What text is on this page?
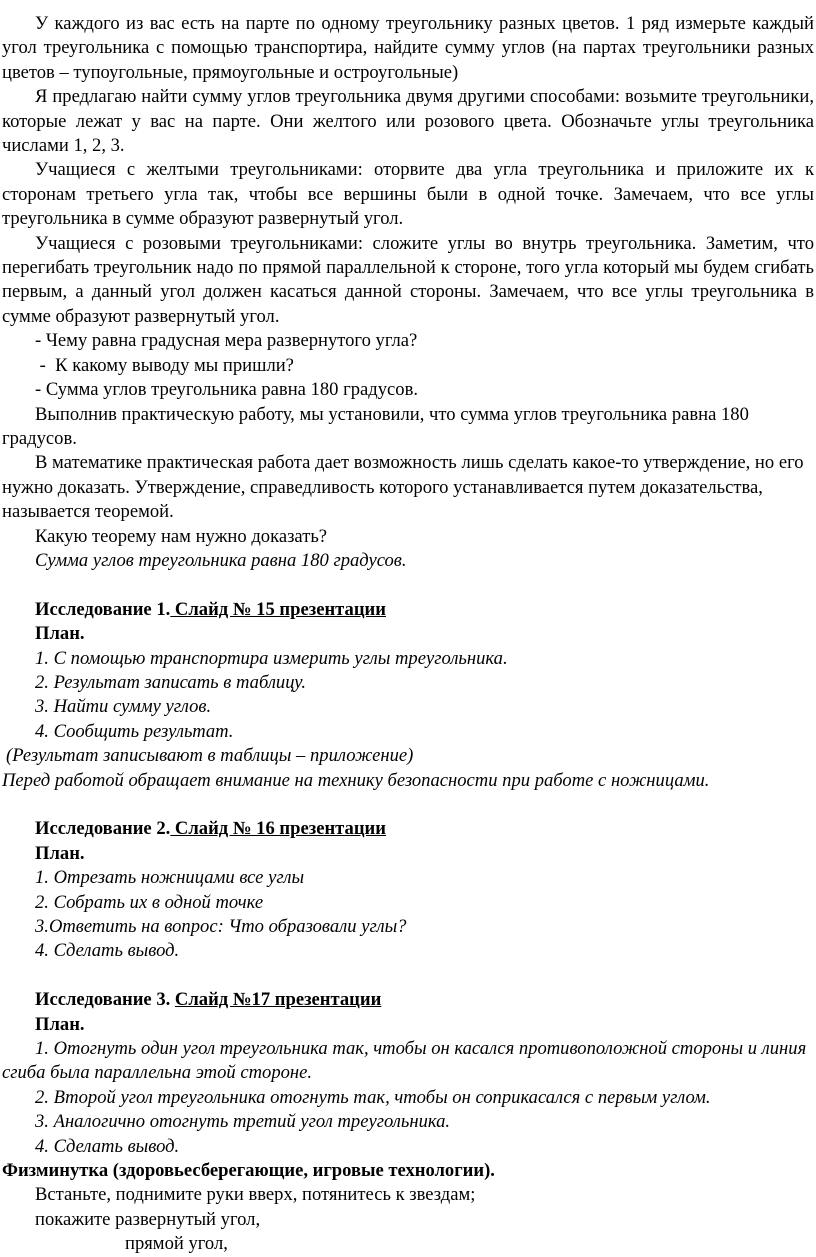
У каждого из вас есть на парте по одному треугольнику разных цветов. 1 ряд измерьте каждый угол треугольника с помощью транспортира, найдите сумму углов (на партах треугольники разных цветов – тупоугольные, прямоугольные и остроугольные)

Я предлагаю найти сумму углов треугольника двумя другими способами: возьмите треугольники, которые лежат у вас на парте. Они желтого или розового цвета. Обозначьте углы треугольника числами 1, 2, 3.

Учащиеся с желтыми треугольниками: оторвите два угла треугольника и приложите их к сторонам третьего угла так, чтобы все вершины были в одной точке. Замечаем, что все углы треугольника в сумме образуют развернутый угол.

Учащиеся с розовыми треугольниками: сложите углы во внутрь треугольника. Заметим, что перегибать треугольник надо по прямой параллельной к стороне, того угла который мы будем сгибать первым, а данный угол должен касаться данной стороны. Замечаем, что все углы треугольника в сумме образуют развернутый угол.

- Чему равна градусная мера развернутого угла?

-  К какому выводу мы пришли?

- Сумма углов треугольника равна 180 градусов.

Выполнив практическую работу, мы установили, что сумма углов треугольника равна 180 градусов.

В математике практическая работа дает возможность лишь сделать какое-то утверждение, но его нужно доказать. Утверждение, справедливость которого устанавливается путем доказательства, называется теоремой.

Какую теорему нам нужно доказать?

Сумма углов треугольника равна 180 градусов.

Исследование 1. Слайд № 15 презентации

План.

1. С помощью транспортира измерить углы треугольника.

2. Результат записать в таблицу.

3. Найти сумму углов.

4. Сообщить результат.

(Результат записывают в таблицы – приложение)

Перед работой обращает внимание на технику безопасности при работе с ножницами.

Исследование 2. Слайд № 16 презентации

План.

1. Отрезать ножницами все углы

2. Собрать их в одной точке

3.Ответить на вопрос: Что образовали углы?

4. Сделать вывод.

Исследование 3. Слайд №17 презентации

План.

1. Отогнуть один угол треугольника так, чтобы он касался противоположной стороны и линия сгиба была параллельна этой стороне.

2. Второй угол треугольника отогнуть так, чтобы он соприкасался с первым углом.

3. Аналогично отогнуть третий угол треугольника.

4. Сделать вывод.

Физминутка (здоровьесберегающие, игровые технологии).

Встаньте, поднимите руки вверх, потянитесь к звездам;

покажите развернутый угол,

прямой угол,
